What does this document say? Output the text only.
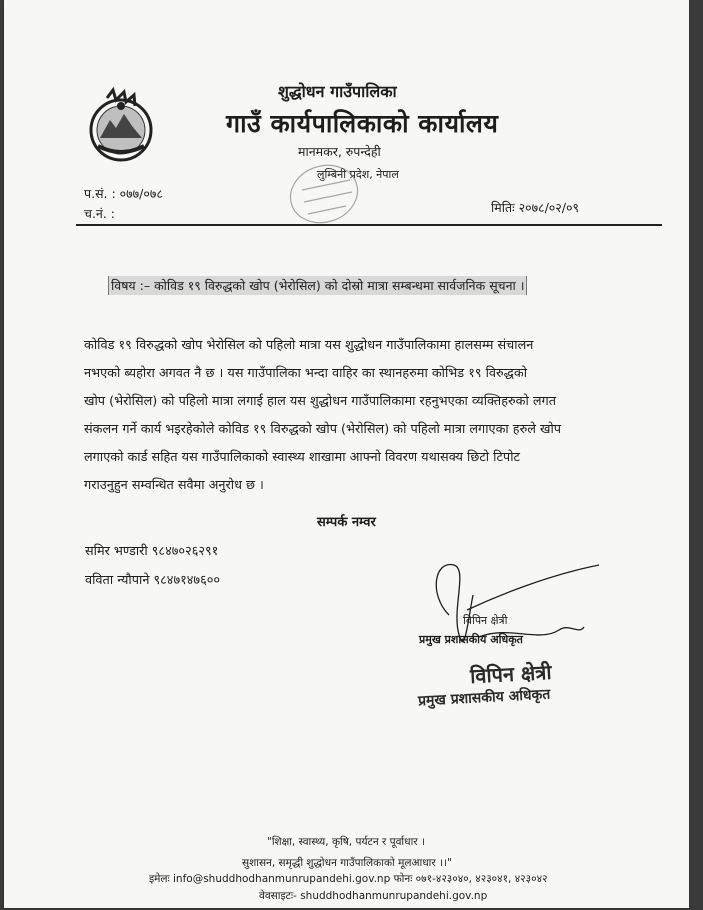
शुद्धोधन गाउँपालिका
गाउँ कार्यपालिकाको कार्यालय
मानमकर, रुपन्देही
लुम्बिनी प्रदेश, नेपाल
प.सं. : ०७७/०७८
च.नं. :	मितिः २०७८/०२/०९
विषय :– कोविड १९ विरुद्धको खोप (भेरोसिल) को दोस्रो मात्रा सम्बन्धमा सार्वजनिक सूचना ।
कोविड १९ विरुद्धको खोप भेरोसिल को पहिलो मात्रा यस शुद्धोधन गाउँपालिकामा हालसम्म संचालन
नभएको ब्यहोरा अगवत नै छ । यस गाउँपालिका भन्दा वाहिर का स्थानहरुमा कोभिड १९ विरुद्धको
खोप (भेरोसिल) को पहिलो मात्रा लगाई हाल यस शुद्धोधन गाउँपालिकामा रहनुभएका व्यक्तिहरुको लगत
संकलन गर्ने कार्य भइरहेकोले कोविड १९ विरुद्धको खोप (भेरोसिल) को पहिलो मात्रा लगाएका हरुले खोप
लगाएको कार्ड सहित यस गाउँपालिकाको स्वास्थ्य शाखामा आफ्नो विवरण यथासक्य छिटो टिपोट
गराउनुहुन सम्वन्धित सवैमा अनुरोध छ ।
सम्पर्क नम्वर
समिर भण्डारी ९८४७०२६२९१
वविता न्यौपाने ९८४७१४७६००
विपिन क्षेत्री
प्रमुख प्रशासकीय अधिकृत
विपिन क्षेत्री
प्रमुख प्रशासकीय अधिकृत
"शिक्षा, स्वास्थ्य, कृषि, पर्यटन र पूर्वाधार ।
सुशासन, समृद्धी शुद्धोधन गाउँपालिकाको मूलआधार ।।"
इमेलः info@shuddhodhanmunrupandehi.gov.np फोनः ०७१-४२३०४०, ४२३०४१, ४२३०४२
वेवसाइटः- shuddhodhanmunrupandehi.gov.np
